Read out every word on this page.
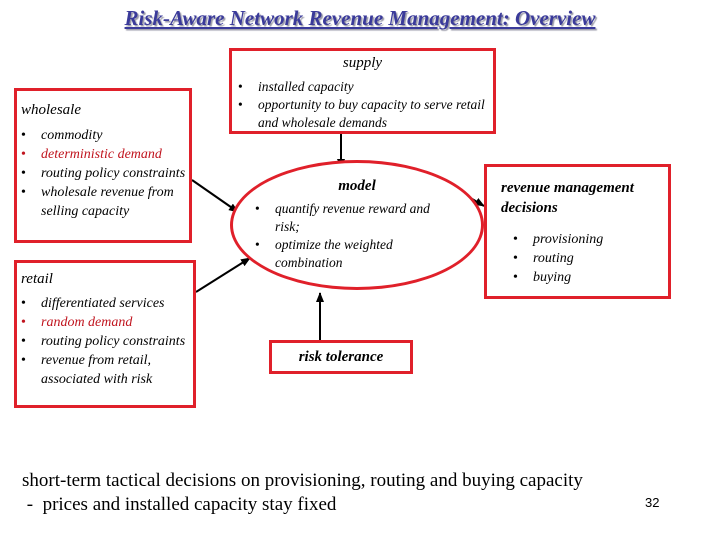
Risk-Aware Network Revenue Management: Overview
supply
• installed capacity
• opportunity to buy capacity to serve retail and wholesale demands
wholesale
• commodity
• deterministic demand
• routing policy constraints
• wholesale revenue from selling capacity
retail
• differentiated services
• random demand
• routing policy constraints
• revenue from retail, associated with risk
model
• quantify revenue reward and risk;
• optimize the weighted combination
revenue management decisions
• provisioning
• routing
• buying
risk tolerance
short-term tactical decisions on provisioning, routing and buying capacity
-  prices and installed capacity stay fixed	32
